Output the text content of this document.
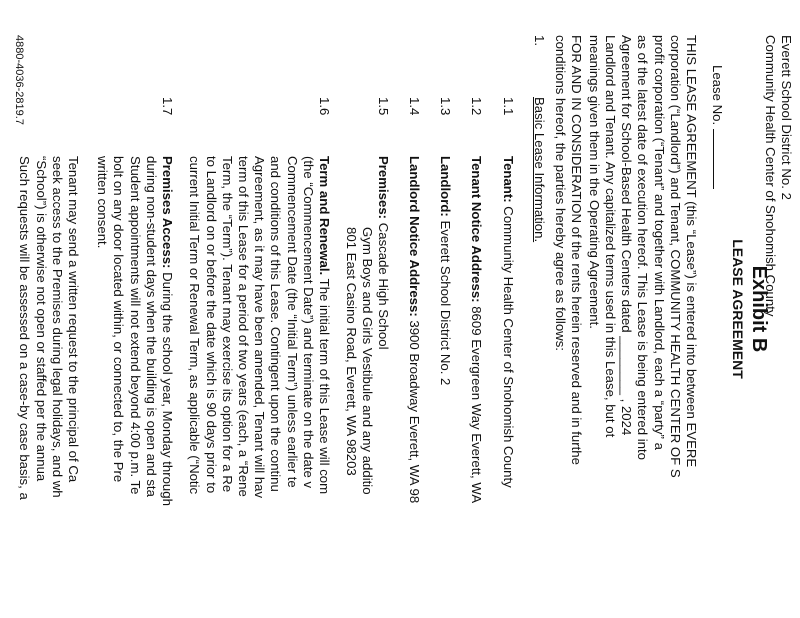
Everett School District No. 2
Community Health Center of Snohomish County
Exhibit B
LEASE AGREEMENT
Lease No.
THIS LEASE AGREEMENT (this “Lease”) is entered into between EVERE
corporation (“Landlord”) and Tenant, COMMUNITY HEALTH CENTER OF S
profit corporation (“Tenant” and together with Landlord, each a “party” a
as of the latest date of execution hereof. This Lease is being entered into
Agreement for School-Based Health Centers dated ________ , 2024
Landlord and Tenant. Any capitalized terms used in this Lease, but ot
meanings given them in the Operating Agreement.
FOR AND IN CONSIDERATION of the rents herein reserved and in furthe
conditions hereof, the parties hereby agree as follows:
1.
Basic Lease Information.
1.1
Tenant: Community Health Center of Snohomish County
1.2
Tenant Notice Address: 8609 Evergreen Way Everett, WA
1.3
Landlord: Everett School District No. 2
1.4
Landlord Notice Address: 3900 Broadway Everett, WA 98
1.5
Premises: Cascade High School
Gym Boys and Girls Vestibule and any additio
801 East Casino Road, Everett, WA 98203
1.6
Term and Renewal. The initial term of this Lease will com
(the “Commencement Date”) and terminate on the date v
Commencement Date (the “Initial Term”) unless earlier te
and conditions of this Lease. Contingent upon the continu
Agreement, as it may have been amended, Tenant will hav
term of this Lease for a period of two years (each, a “Rene
Term, the “Term”). Tenant may exercise its option for a Re
to Landlord on or before the date which is 90 days prior to
current Initial Term or Renewal Term, as applicable (“Notic
1.7
Premises Access: During the school year, Monday through
during non-student days when the building is open and sta
Student appointments will not extend beyond 4:00 p.m. Te
bolt on any door located within, or connected to, the Pre
written consent.
Tenant may send a written request to the principal of Ca
seek access to the Premises during legal holidays, and wh
“School”) is otherwise not open or staffed per the annua
Such requests will be assessed on a case-by case basis, a
4880-4036-2819.7
